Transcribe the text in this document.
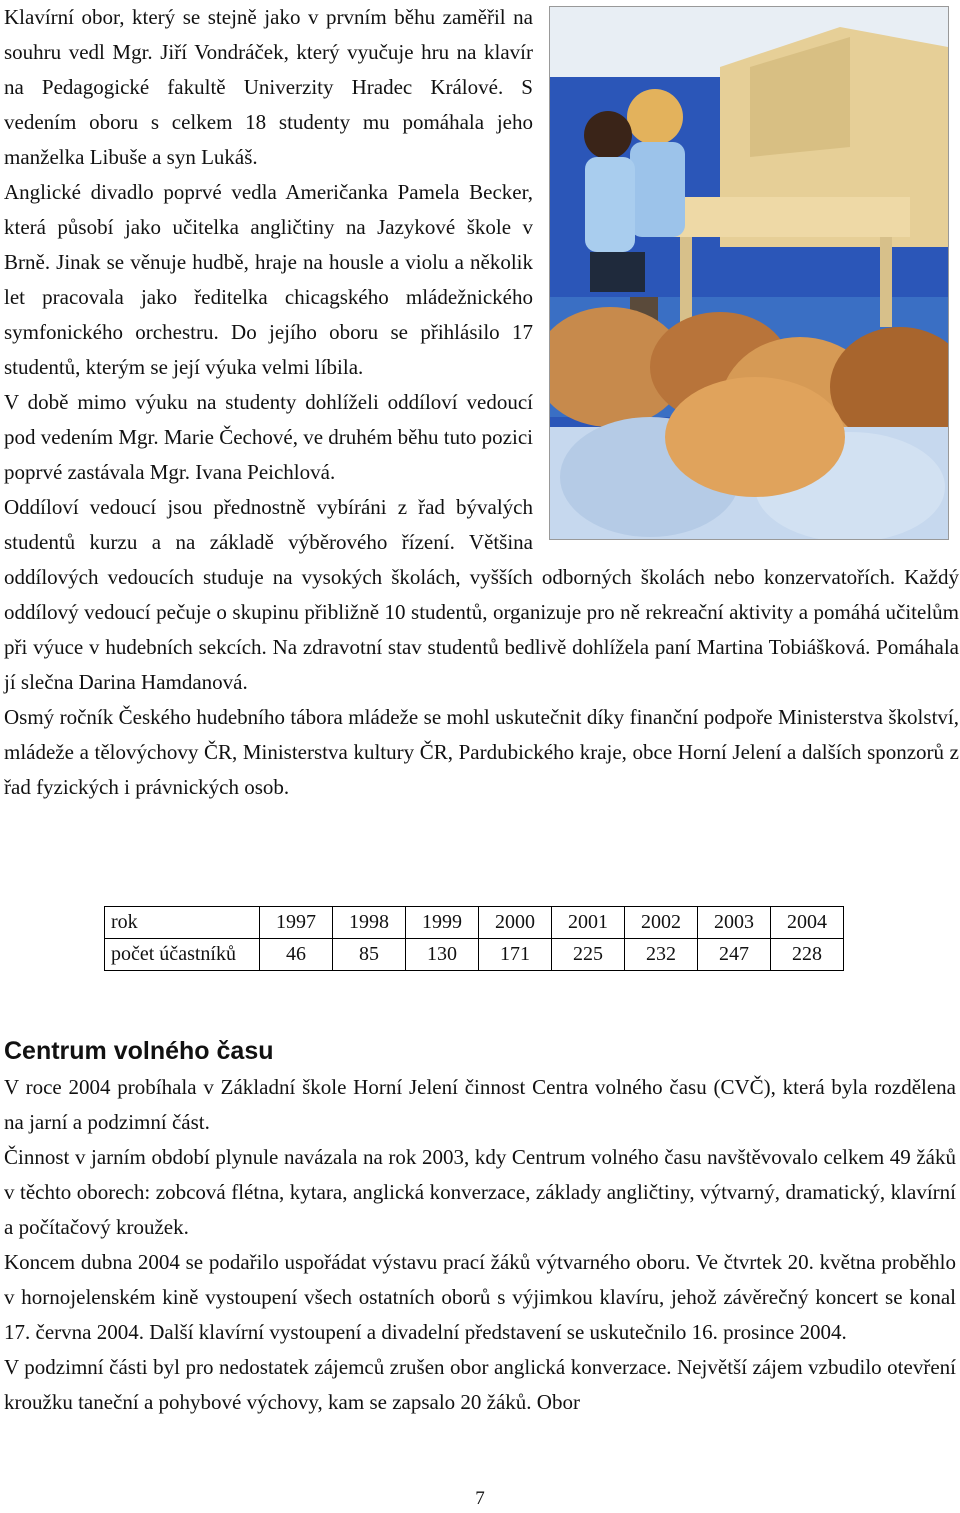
Klavírní obor, který se stejně jako v prvním běhu zaměřil na souhru vedl Mgr. Jiří Vondráček, který vyučuje hru na klavír na Pedagogické fakultě Univerzity Hradec Králové. S vedením oboru s celkem 18 studenty mu pomáhala jeho manželka Libuše a syn Lukáš.

Anglické divadlo poprvé vedla Američanka Pamela Becker, která působí jako učitelka angličtiny na Jazykové škole v Brně. Jinak se věnuje hudbě, hraje na housle a violu a několik let pracovala jako ředitelka chicagského mládežnického symfonického orchestru. Do jejího oboru se přihlásilo 17 studentů, kterým se její výuka velmi líbila.

V době mimo výuku na studenty dohlíželi oddíloví vedoucí pod vedením Mgr. Marie Čechové, ve druhém běhu tuto pozici poprvé zastávala Mgr. Ivana Peichlová.

Oddíloví vedoucí jsou přednostně vybíráni z řad bývalých studentů kurzu a na základě výběrového řízení. Většina oddílových vedoucích studuje na vysokých školách, vyšších odborných školách nebo konzervatořích. Každý oddílový vedoucí pečuje o skupinu přibližně 10 studentů, organizuje pro ně rekreační aktivity a pomáhá učitelům při výuce v hudebních sekcích. Na zdravotní stav studentů bedlivě dohlížela paní Martina Tobiášková. Pomáhala jí slečna Darina Hamdanová.

Osmý ročník Českého hudebního tábora mládeže se mohl uskutečnit díky finanční podpoře Ministerstva školství, mládeže a tělovýchovy ČR, Ministerstva kultury ČR, Pardubického kraje, obce Horní Jelení a dalších sponzorů z řad fyzických i právnických osob.

rok	1997	1998	1999	2000	2001	2002	2003	2004
počet účastníků	46	85	130	171	225	232	247	228
Centrum volného času

V roce 2004 probíhala v Základní škole Horní Jelení činnost Centra volného času (CVČ), která byla rozdělena na jarní a podzimní část.

Činnost v jarním období plynule navázala na rok 2003, kdy Centrum volného času navštěvovalo celkem 49 žáků v těchto oborech: zobcová flétna, kytara, anglická konverzace, základy angličtiny, výtvarný, dramatický, klavírní a počítačový kroužek.

Koncem dubna 2004 se podařilo uspořádat výstavu prací žáků výtvarného oboru. Ve čtvrtek 20. května proběhlo v hornojelenském kině vystoupení všech ostatních oborů s výjimkou klavíru, jehož závěrečný koncert se konal 17. června 2004. Další klavírní vystoupení a divadelní představení se uskutečnilo 16. prosince 2004.

V podzimní části byl pro nedostatek zájemců zrušen obor anglická konverzace. Největší zájem vzbudilo otevření kroužku taneční a pohybové výchovy, kam se zapsalo 20 žáků. Obor

7
